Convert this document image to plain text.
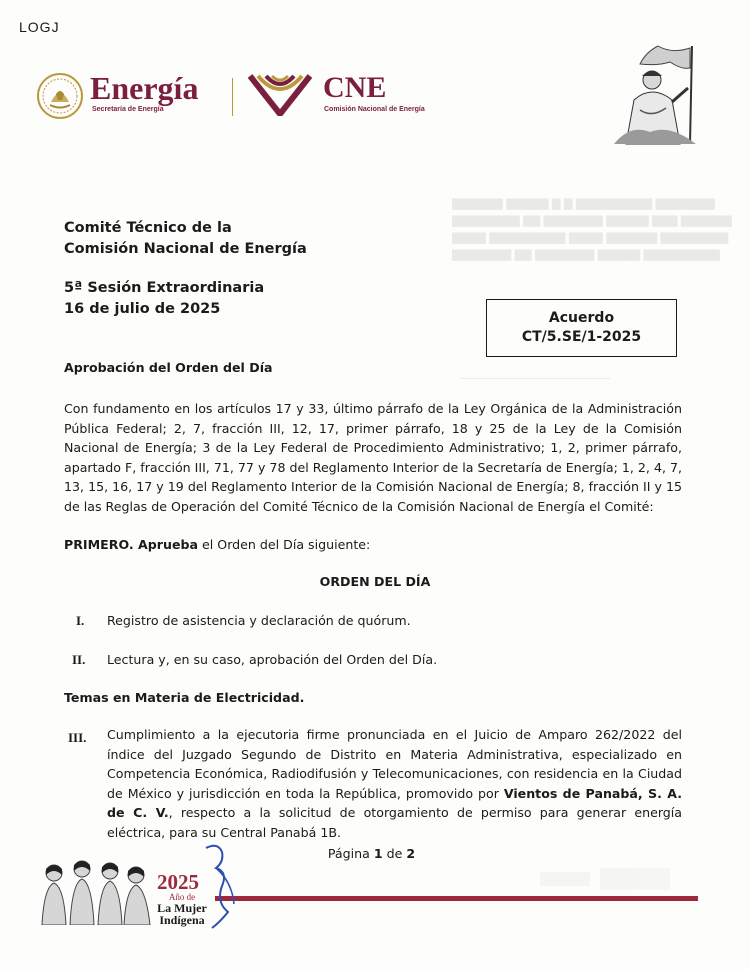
▇▇▇▇▇▇ ▇▇▇▇▇ ▇ ▇ ▇▇▇▇▇▇▇▇▇ ▇▇▇▇▇▇▇
▇▇▇▇▇▇▇▇ ▇▇ ▇▇▇▇▇▇▇ ▇▇▇▇▇ ▇▇▇ ▇▇▇▇▇▇
▇▇▇▇ ▇▇▇▇▇▇▇▇▇ ▇▇▇▇ ▇▇▇▇▇▇ ▇▇▇▇▇▇▇▇
▇▇▇▇▇▇▇ ▇▇ ▇▇▇▇▇▇▇ ▇▇▇▇▇ ▇▇▇▇▇▇▇▇▇
LOGJ
Energía
Secretaría de Energía
CNE
Comisión Nacional de Energía
Comité Técnico de la
Comisión Nacional de Energía
5ª Sesión Extraordinaria
16 de julio de 2025
Acuerdo
CT/5.SE/1-2025
Aprobación del Orden del Día
Con fundamento en los artículos 17 y 33, último párrafo de la Ley Orgánica de la Administración Pública Federal; 2, 7, fracción III, 12, 17, primer párrafo, 18 y 25 de la Ley de la Comisión Nacional de Energía; 3 de la Ley Federal de Procedimiento Administrativo; 1, 2, primer párrafo, apartado F, fracción III, 71, 77 y 78 del Reglamento Interior de la Secretaría de Energía; 1, 2, 4, 7, 13, 15, 16, 17 y 19 del Reglamento Interior de la Comisión Nacional de Energía; 8, fracción II y 15 de las Reglas de Operación del Comité Técnico de la Comisión Nacional de Energía el Comité:
PRIMERO. Aprueba el Orden del Día siguiente:
ORDEN DEL DÍA
I. Registro de asistencia y declaración de quórum.
II. Lectura y, en su caso, aprobación del Orden del Día.
Temas en Materia de Electricidad.
III. Cumplimiento a la ejecutoria firme pronunciada en el Juicio de Amparo 262/2022 del índice del Juzgado Segundo de Distrito en Materia Administrativa, especializado en Competencia Económica, Radiodifusión y Telecomunicaciones, con residencia en la Ciudad de México y jurisdicción en toda la República, promovido por Vientos de Panabá, S. A. de C. V., respecto a la solicitud de otorgamiento de permiso para generar energía eléctrica, para su Central Panabá 1B.
Página 1 de 2
2025
Año de
La Mujer
Indígena
